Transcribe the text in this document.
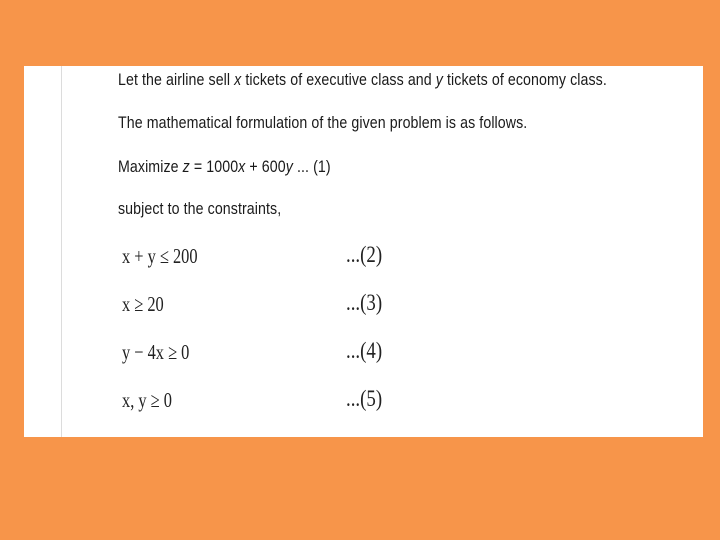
Let the airline sell x tickets of executive class and y tickets of economy class.
The mathematical formulation of the given problem is as follows.
Maximize z = 1000x + 600y ... (1)
subject to the constraints,
x + y ≤ 200	...(2)
x ≥ 20	...(3)
y − 4x ≥ 0	...(4)
x, y ≥ 0	...(5)
